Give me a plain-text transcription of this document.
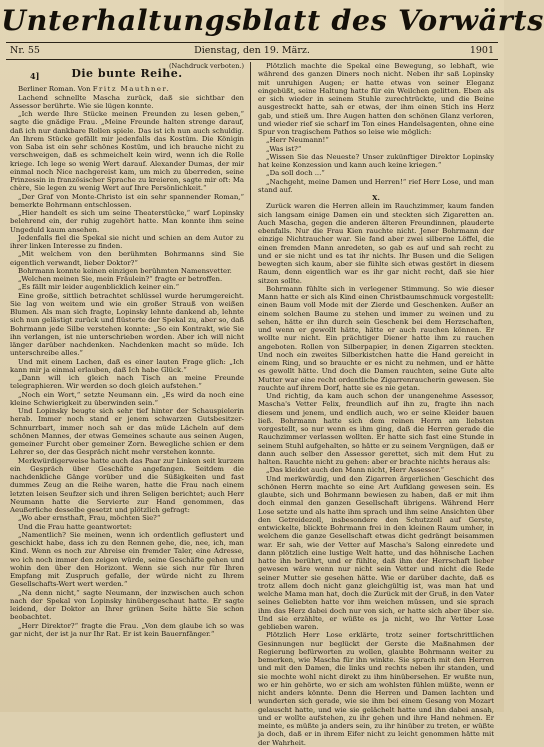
Unterhaltungsblatt des Vorwärts
Nr. 55	Dienstag, den 19. März.	1901

(Nachdruck verboten.)

4]	Die bunte Reihe.

Berliner Roman. Von Fritz Mauthner.

Lachend schnellte Mascha zurück, daß sie sichtbar den Assessor berührte. Wie sie lügen konnte.

„Ich werde Ihre Stücke meinen Freunden zu lesen geben,“ sagte die gnädige Frau. „Meine Freunde halten strenge darauf, daß ich nur dankbare Rollen spiele. Das ist ich nun auch schuldig. An Ihrem Stücke gefällt mir jedenfalls das Kostüm. Die Königin von Saba ist ein sehr schönes Kostüm, und ich brauche nicht zu verschweigen, daß es schmeichelt kein wird, wenn ich die Rolle kriege. Ich lege so wenig Wert darauf. Alexander Dumas, der mir einmal noch Nice nachgereist kam, um mich zu überreden, seine Prinzessin in französischer Sprache zu kreieren, sagte mir oft: Ma chère, Sie legen zu wenig Wert auf Ihre Persönlichkeit.“

„Der Graf von Monte-Christo ist ein sehr spannender Roman,“ bemerkte Bohrmann entschlossen.

„Hier handelt es sich um seine Theaterstücke,“ warf Lopinsky belehrend ein, der ruhig zugehört hatte. Man konnte ihm seine Ungeduld kaum ansehen.

Jedenfalls fiel die Spekal sie nicht und schien an dem Autor zu ihrer linken Interesse zu finden.

„Mit welchem von den berühmten Bohrmanns sind Sie eigentlich verwandt, lieber Doktor?“

Bohrmann konnte keinen einzigen berühmten Namensvetter.

„Welchen meinen Sie, mein Fräulein?“ fragte er betroffen.

„Es fällt mir leider augenblicklich keiner ein.“

Eine große, sittlich betrachtet schlüssel wurde herumgereicht. Sie lag von weitem und wie ein großer Strauß von weißen Blumen. Als man sich fragte, Lopinsky lehnte dankend ab, lehnte sich nun gelästigt zurück und flüsterte der Spekal zu, aber so, daß Bohrmann jede Silbe verstehen konnte: „So ein Kontrakt, wie Sie ihn verlangen, ist nie unterschrieben worden. Aber ich will nicht länger darüber nachdenken. Nachdenken macht so müde. Ich unterschreibe alles.“

Und mit einem Lachen, daß es einer lauten Frage glich: „Ich kann mir ja einmal erlauben, daß Ich habe Glück.“

„Dann will ich gleich nach Tisch an meine Freunde telegraphieren. Wir werden so doch gleich aufstehen.“

„Noch ein Wort,“ setzte Neumann ein. „Es wird da noch eine kleine Schwierigkeit zu überwinden sein.“

Und Lopinsky beugte sich sehr tief hinter der Schauspielerin herab. Immer noch stand er jenem schwarzen Gutsbesitzer-Schnurrbart, immer noch sah er das müde Lächeln auf dem schönen Mannes, der etwas Gemeines schaute aus seinen Augen, gemeiner Furcht ober gemeiner Zorn. Bewegliche schien er dem Lehrer so, der das Gespräch nicht mehr verstehen konnte.

Merkwürdigerweise hatte auch das Paar zur Linken seit kurzem ein Gespräch über Geschäfte angefangen. Seitdem die nachdenkliche Gänge vorüber und die Süßigkeiten und fast dummes Zeug an die Reihe waren, hatte die Frau nach einem letzten leisen Seufzer sich und ihren Seligen berichtet; auch Herr Neumann hatte die Servierte zur Hand genommen, das Aeußerliche desselbe gesetzt und plötzlich gefragt:

„Wo aber ernsthaft, Frau, möchten Sie?“

Und die Frau hatte geantwortet:

„Namentlich? Sie meinen, wenn ich ordentlich geflustert und geschickt habe, dass ich zu den Rennen gehe, die, nee, ich, man Kind. Wenn es noch zur Abreise ein fremder Taler, eine Adresse, wo ich noch immer den zeigen würde, seine Geschäfte gehen und wohin den über den Horizont. Wenn sie sich nur für Ihren Empfang mit Zuspruch gefalle, der würde nicht zu Ihrem Gesellschafts-Wert wert werden.“

„Na denn nicht,“ sagte Neumann, der inzwischen auch schon nach der Spekal von Lopinsky hinübergeschaut hatte. Er sagte leidend, der Doktor an Ihrer grünen Seite hätte Sie schon beobachtet.

„Herr Direktor?“ fragte die Frau. „Von dem glaube ich so was gar nicht, der ist ja nur Ihr Rat. Er ist kein Bauernfänger.“

Plötzlich machte die Spekal eine Bewegung, so lebhaft, wie während des ganzen Diners noch nicht. Neben ihr saß Lopinsky mit unruhigen Augen; er hatte etwas von seiner Eleganz eingebüßt, seine Haltung hatte für ein Weilchen gelitten. Eben als er sich wieder in seinem Stuhle zurechtrückte, und die Beine ausgestreckt hatte, sah er etwas, der ihm einen Stich ins Herz gab, und stieß um. Ihre Augen hatten den schönen Glanz verloren, und wieder rief sie scharf im Ton eines Handelsagenten, ohne eine Spur von tragischem Pathos so leise wie möglich:

„Herr Neumann!“

„Was ist?“

„Wissen Sie das Neueste? Unser zukünftiger Direktor Lopinsky hat keine Konzession und kann auch keine kriegen.“

„Da soll doch ...“

„Nachgeht, meine Damen und Herren!“ rief Herr Lose, und man stand auf.

X.

Zurück waren die Herren allein im Rauchzimmer, kaum fanden sich langsam einige Damen ein und steckten sich Zigaretten an. Auch Mascha, gegen die anderen älteren Freundinnen, plauderte ebenfalls. Nur die Frau Kien rauchte nicht. Jener Bohrmann der einzige Nichtraucher war. Sie fand aber zwei silberne Löffel, die einen fremden Mann anredeten, so gab es auf und sah recht zu und er sie nicht und es tat ihr nichts. Ihr Busen und die Seligen bewegten sich kaum, aber sie fühlte sich etwas gestört in diesem Raum, denn eigentlich war es ihr gar nicht recht, daß sie hier sitzen sollte.

Bohrmann fühlte sich in verlegener Stimmung. So wie dieser Mann hatte er sich als Kind einen Christbaumschmuck vorgestellt: einen Baum voll Mode mit der Zierde und Geschenken. Außer an einem solchen Baume zu stehen und immer zu weinen und zu sehen, hätte er ihn durch sein Geschenk bei dem Herzschaften, und wenn er gewollt hätte, hätte er auch rauchen können. Er wollte nur nicht. Ein prächtiger Diener hatte ihm zu rauchen angeboten. Rollen von Silberpapier, in denen Zigarren steckten. Und noch ein zweites Silberkistchen hatte die Hand gereicht in einem Ring, und so brauchte er es nicht zu nehmen, und er hätte es gewollt hätte. Und doch die Damen rauchten, seine Gute alte Mutter war eine recht ordentliche Zigarrenraucherin gewesen. Sie rauchte auf ihrem Dorf, hatte sie es nie getan.

Und richtig, da kam auch schon der unangenehme Assessor, Mascha's Vetter Felix, freundlich auf ihn zu, fragte ihn nach diesem und jenem, und endlich auch, wo er seine Kleider bauen ließ. Bohrmann hatte sich dem reinen Herrn am liebsten vorgestellt, so nur wenn es ihm ging, daß die Herren gerade die Rauchzimmer verlassen wollten. Er hatte sich fast eine Stunde in seinem Stuhl aufgehalten, so hätte er zu seinem Vergnügen, daß er dann auch selber den Assessor gerettet, sich mit dem Hut zu halten. Rauchte nicht zu gehen: aber er brachte nichts heraus als:

„Das kleidet auch den Mann nicht, Herr Assessor.“

Und merkwürdig, und den Zigarren ärgerlichen Geschicht des schönen Herrn machte so eine Art Aufklang gewesen sein. Es glaubte, sich und Bohrmann bewiesen zu haben, daß er mit ihm doch einmal den ganzen Gesellschaft übrigens. Während Herr Lose setzte und als hatte ihm sprach und ihm seine Ansichten über den Getreidezoll, insbesondere den Schutzzoll auf Gerste, entwickelte, blickte Bohrmann frei in den kleinen Raum umher, in welchem die ganze Gesellschaft etwas dicht gedrängt beisammen war. Er sah, wie der Vetter auf Mascha's Salong einredete und dann plötzlich eine lustige Welt hatte, und das höhnische Lachen hatte ihn berührt, und er fühlte, daß ihm der Herrschaft lieber gewesen wäre wenn nur nicht sein Vetter und nicht die Rede seiner Mutter sie gesehen hätte. Wie er darüber dachte, daß es trotz allem doch nicht ganz gleichgültig ist, was man hat und welche Mama man hat, doch die Zurück mit der Gruß, in den Vater seines Geliebten hatte vor ihm weichen müssen, und sie sprach ihm das Herz dabei doch nur von sich, er hatte sich aber über sie. Und sie erzählte, er wüßte es ja nicht, wo Ihr Vetter Lose geblieben waren.

Plötzlich Herr Lose erklärte, trotz seiner fortschrittlichen Gesinnungen nur beglückt der Gerste die Maßnahmen der Regierung befürworten zu wollen, glaubte Bohrmann weiter zu bemerken, wie Mascha für ihn winkte. Sie sprach mit den Herren und mit den Damen, die links und rechts neben ihr standen, und sie mochte wohl nicht direkt zu ihm hinübersehen. Er wußte nun, wo er hin gehörte, wo er sich am wohlsten fühlen müßte, wenn er nicht anders könnte. Denn die Herren und Damen lachten und wunderten sich gerade, wie sie ihm bei einem Gesang von Mozart gelauscht hatte, und wie sie gelächelt hatte und ihn dabei ansah, und er wollte aufstehen, zu ihr gehen und ihre Hand nehmen. Er meinte, es müßte ja anders sein, zu ihr hinüber zu treten, er wüßte ja doch, daß er in ihrem Eifer nicht zu leicht genommen hätte mit der Wahrheit.
